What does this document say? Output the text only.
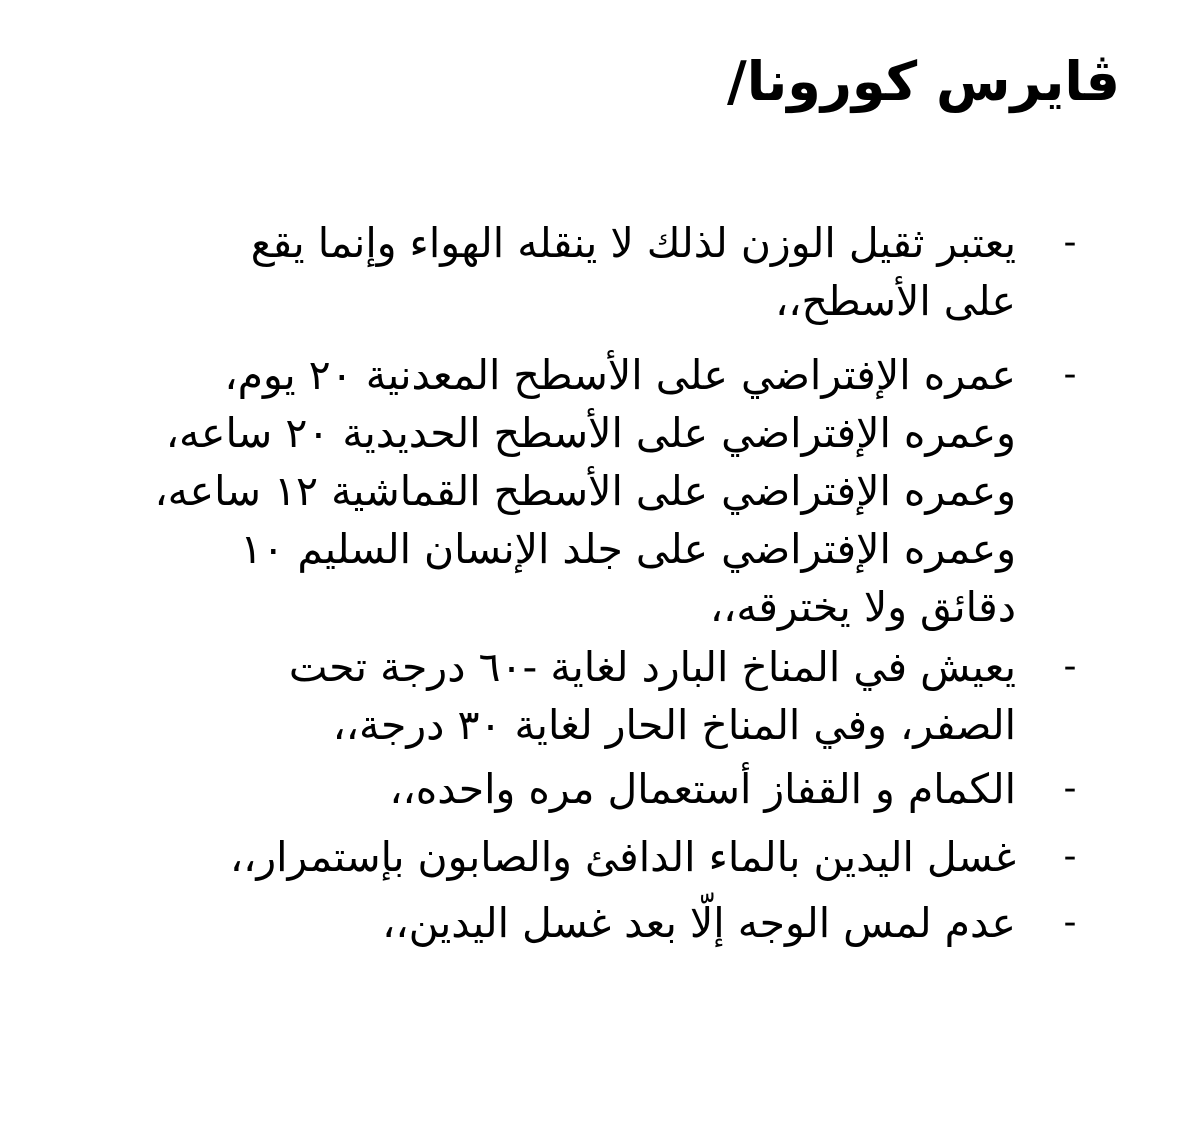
ڤايرس كورونا/
-
يعتبر ثقيل الوزن لذلك لا ينقله الهواء وإنما يقع
على الأسطح،،
-
عمره الإفتراضي على الأسطح المعدنية ٢٠ يوم،
وعمره الإفتراضي على الأسطح الحديدية ٢٠ ساعه،
وعمره الإفتراضي على الأسطح القماشية ١٢ ساعه،
وعمره الإفتراضي على جلد الإنسان السليم ١٠
دقائق ولا يخترقه،،
-
يعيش في المناخ البارد لغاية -٦٠ درجة تحت
الصفر، وفي المناخ الحار لغاية ٣٠ درجة،،
-
الكمام و القفاز أستعمال مره واحده،،
-
غسل اليدين بالماء الدافئ والصابون بإستمرار،،
-
عدم لمس الوجه إلّا بعد غسل اليدين،،
